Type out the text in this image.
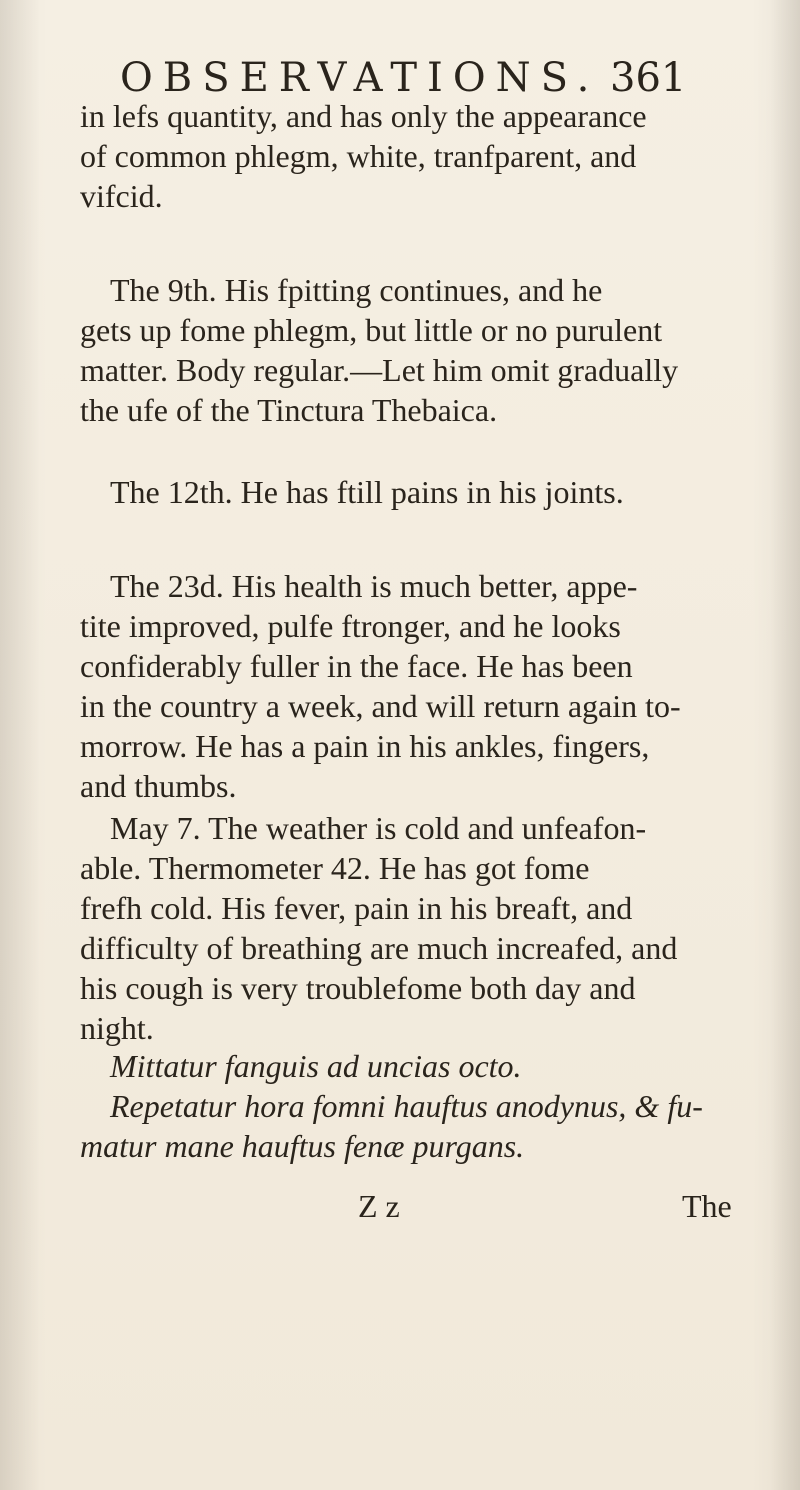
OBSERVATIONS. 361
in lefs quantity, and has only the appearance
of common phlegm, white, tranfparent, and
vifcid.
The 9th. His fpitting continues, and he
gets up fome phlegm, but little or no purulent
matter. Body regular.—Let him omit gradually
the ufe of the Tinctura Thebaica.
The 12th. He has ftill pains in his joints.
The 23d. His health is much better, appe-
tite improved, pulfe ftronger, and he looks
confiderably fuller in the face. He has been
in the country a week, and will return again to-
morrow. He has a pain in his ankles, fingers,
and thumbs.
May 7. The weather is cold and unfeafon-
able. Thermometer 42. He has got fome
frefh cold. His fever, pain in his breaft, and
difficulty of breathing are much increafed, and
his cough is very troublefome both day and
night.
Mittatur fanguis ad uncias octo.
Repetatur hora fomni hauftus anodynus, & fu-
matur mane hauftus fenæ purgans.
Z z	The
